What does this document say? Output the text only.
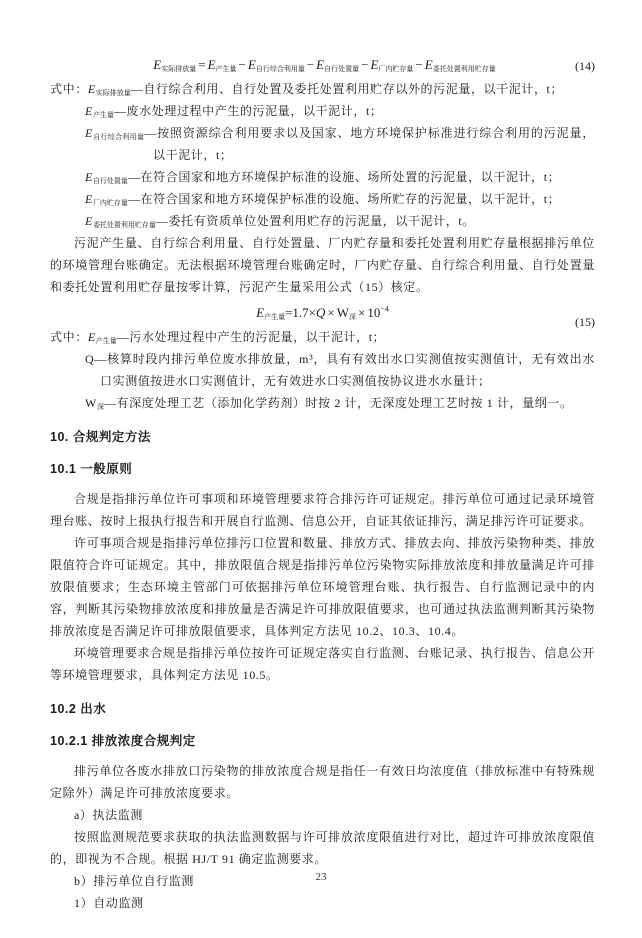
$E_{实际排放量} = E_{产生量} - E_{自行综合利用量} - E_{自行处置量} - E_{厂内贮存量} - E_{委托处置利用贮存量}$	(14)
式中：$E_{实际排放量}—$自行综合利用、自行处置及委托处置利用贮存以外的污泥量，以干泥计，t；
$E_{产生量}—$废水处理过程中产生的污泥量，以干泥计，t；
$E_{自行综合利用量}—$按照资源综合利用要求以及国家、地方环境保护标准进行综合利用的污泥量，以干泥计，t；
$E_{自行处置量}—$在符合国家和地方环境保护标准的设施、场所处置的污泥量，以干泥计，t；
$E_{厂内贮存量}—$在符合国家和地方环境保护标准的设施、场所贮存的污泥量，以干泥计，t；
$E_{委托处置利用贮存量}—$委托有资质单位处置利用贮存的污泥量，以干泥计，t。

污泥产生量、自行综合利用量、自行处置量、厂内贮存量和委托处置利用贮存量根据排污单位的环境管理台账确定。无法根据环境管理台账确定时，厂内贮存量、自行综合利用量、自行处置量和委托处置利用贮存量按零计算，污泥产生量采用公式（15）核定。

$E_{产生量}=1.7\times Q \times W_深 \times 10^{-4}$
(15)
式中：$E_{产生量}—$污水处理过程中产生的污泥量，以干泥计，t；
Q—核算时段内排污单位废水排放量，m³，具有有效出水口实测值按实测值计，无有效出水口实测值按进水口实测值计，无有效进水口实测值按协议进水水量计；
$W_深—$有深度处理工艺（添加化学药剂）时按 2 计，无深度处理工艺时按 1 计，量纲一。
10. 合规判定方法
10.1 一般原则

合规是指排污单位许可事项和环境管理要求符合排污许可证规定。排污单位可通过记录环境管理台账、按时上报执行报告和开展自行监测、信息公开，自证其依证排污，满足排污许可证要求。

许可事项合规是指排污单位排污口位置和数量、排放方式、排放去向、排放污染物种类、排放限值符合许可证规定。其中，排放限值合规是指排污单位污染物实际排放浓度和排放量满足许可排放限值要求；生态环境主管部门可依据排污单位环境管理台账、执行报告、自行监测记录中的内容，判断其污染物排放浓度和排放量是否满足许可排放限值要求，也可通过执法监测判断其污染物排放浓度是否满足许可排放限值要求，具体判定方法见 10.2、10.3、10.4。

环境管理要求合规是指排污单位按许可证规定落实自行监测、台账记录、执行报告、信息公开等环境管理要求，具体判定方法见 10.5。

10.2 出水
10.2.1 排放浓度合规判定

排污单位各废水排放口污染物的排放浓度合规是指任一有效日均浓度值（排放标准中有特殊规定除外）满足许可排放浓度要求。

a）执法监测

按照监测规范要求获取的执法监测数据与许可排放浓度限值进行对比，超过许可排放浓度限值的，即视为不合规。根据 HJ/T 91 确定监测要求。

b）排污单位自行监测

1）自动监测

23
